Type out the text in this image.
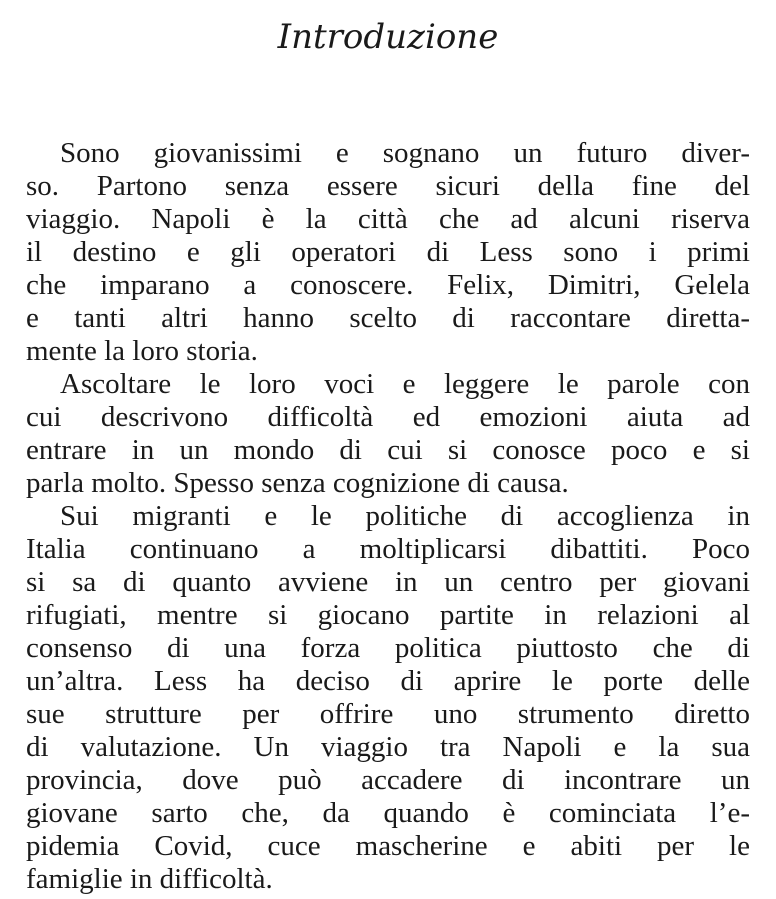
Introduzione
Sono giovanissimi e sognano un futuro diver-
so. Partono senza essere sicuri della fine del
viaggio. Napoli è la città che ad alcuni riserva
il destino e gli operatori di Less sono i primi
che imparano a conoscere. Felix, Dimitri, Gelela
e tanti altri hanno scelto di raccontare diretta-
mente la loro storia.
Ascoltare le loro voci e leggere le parole con
cui descrivono difficoltà ed emozioni aiuta ad
entrare in un mondo di cui si conosce poco e si
parla molto. Spesso senza cognizione di causa.
Sui migranti e le politiche di accoglienza in
Italia continuano a moltiplicarsi dibattiti. Poco
si sa di quanto avviene in un centro per giovani
rifugiati, mentre si giocano partite in relazioni al
consenso di una forza politica piuttosto che di
un’altra. Less ha deciso di aprire le porte delle
sue strutture per offrire uno strumento diretto
di valutazione. Un viaggio tra Napoli e la sua
provincia, dove può accadere di incontrare un
giovane sarto che, da quando è cominciata l’e-
pidemia Covid, cuce mascherine e abiti per le
famiglie in difficoltà.
